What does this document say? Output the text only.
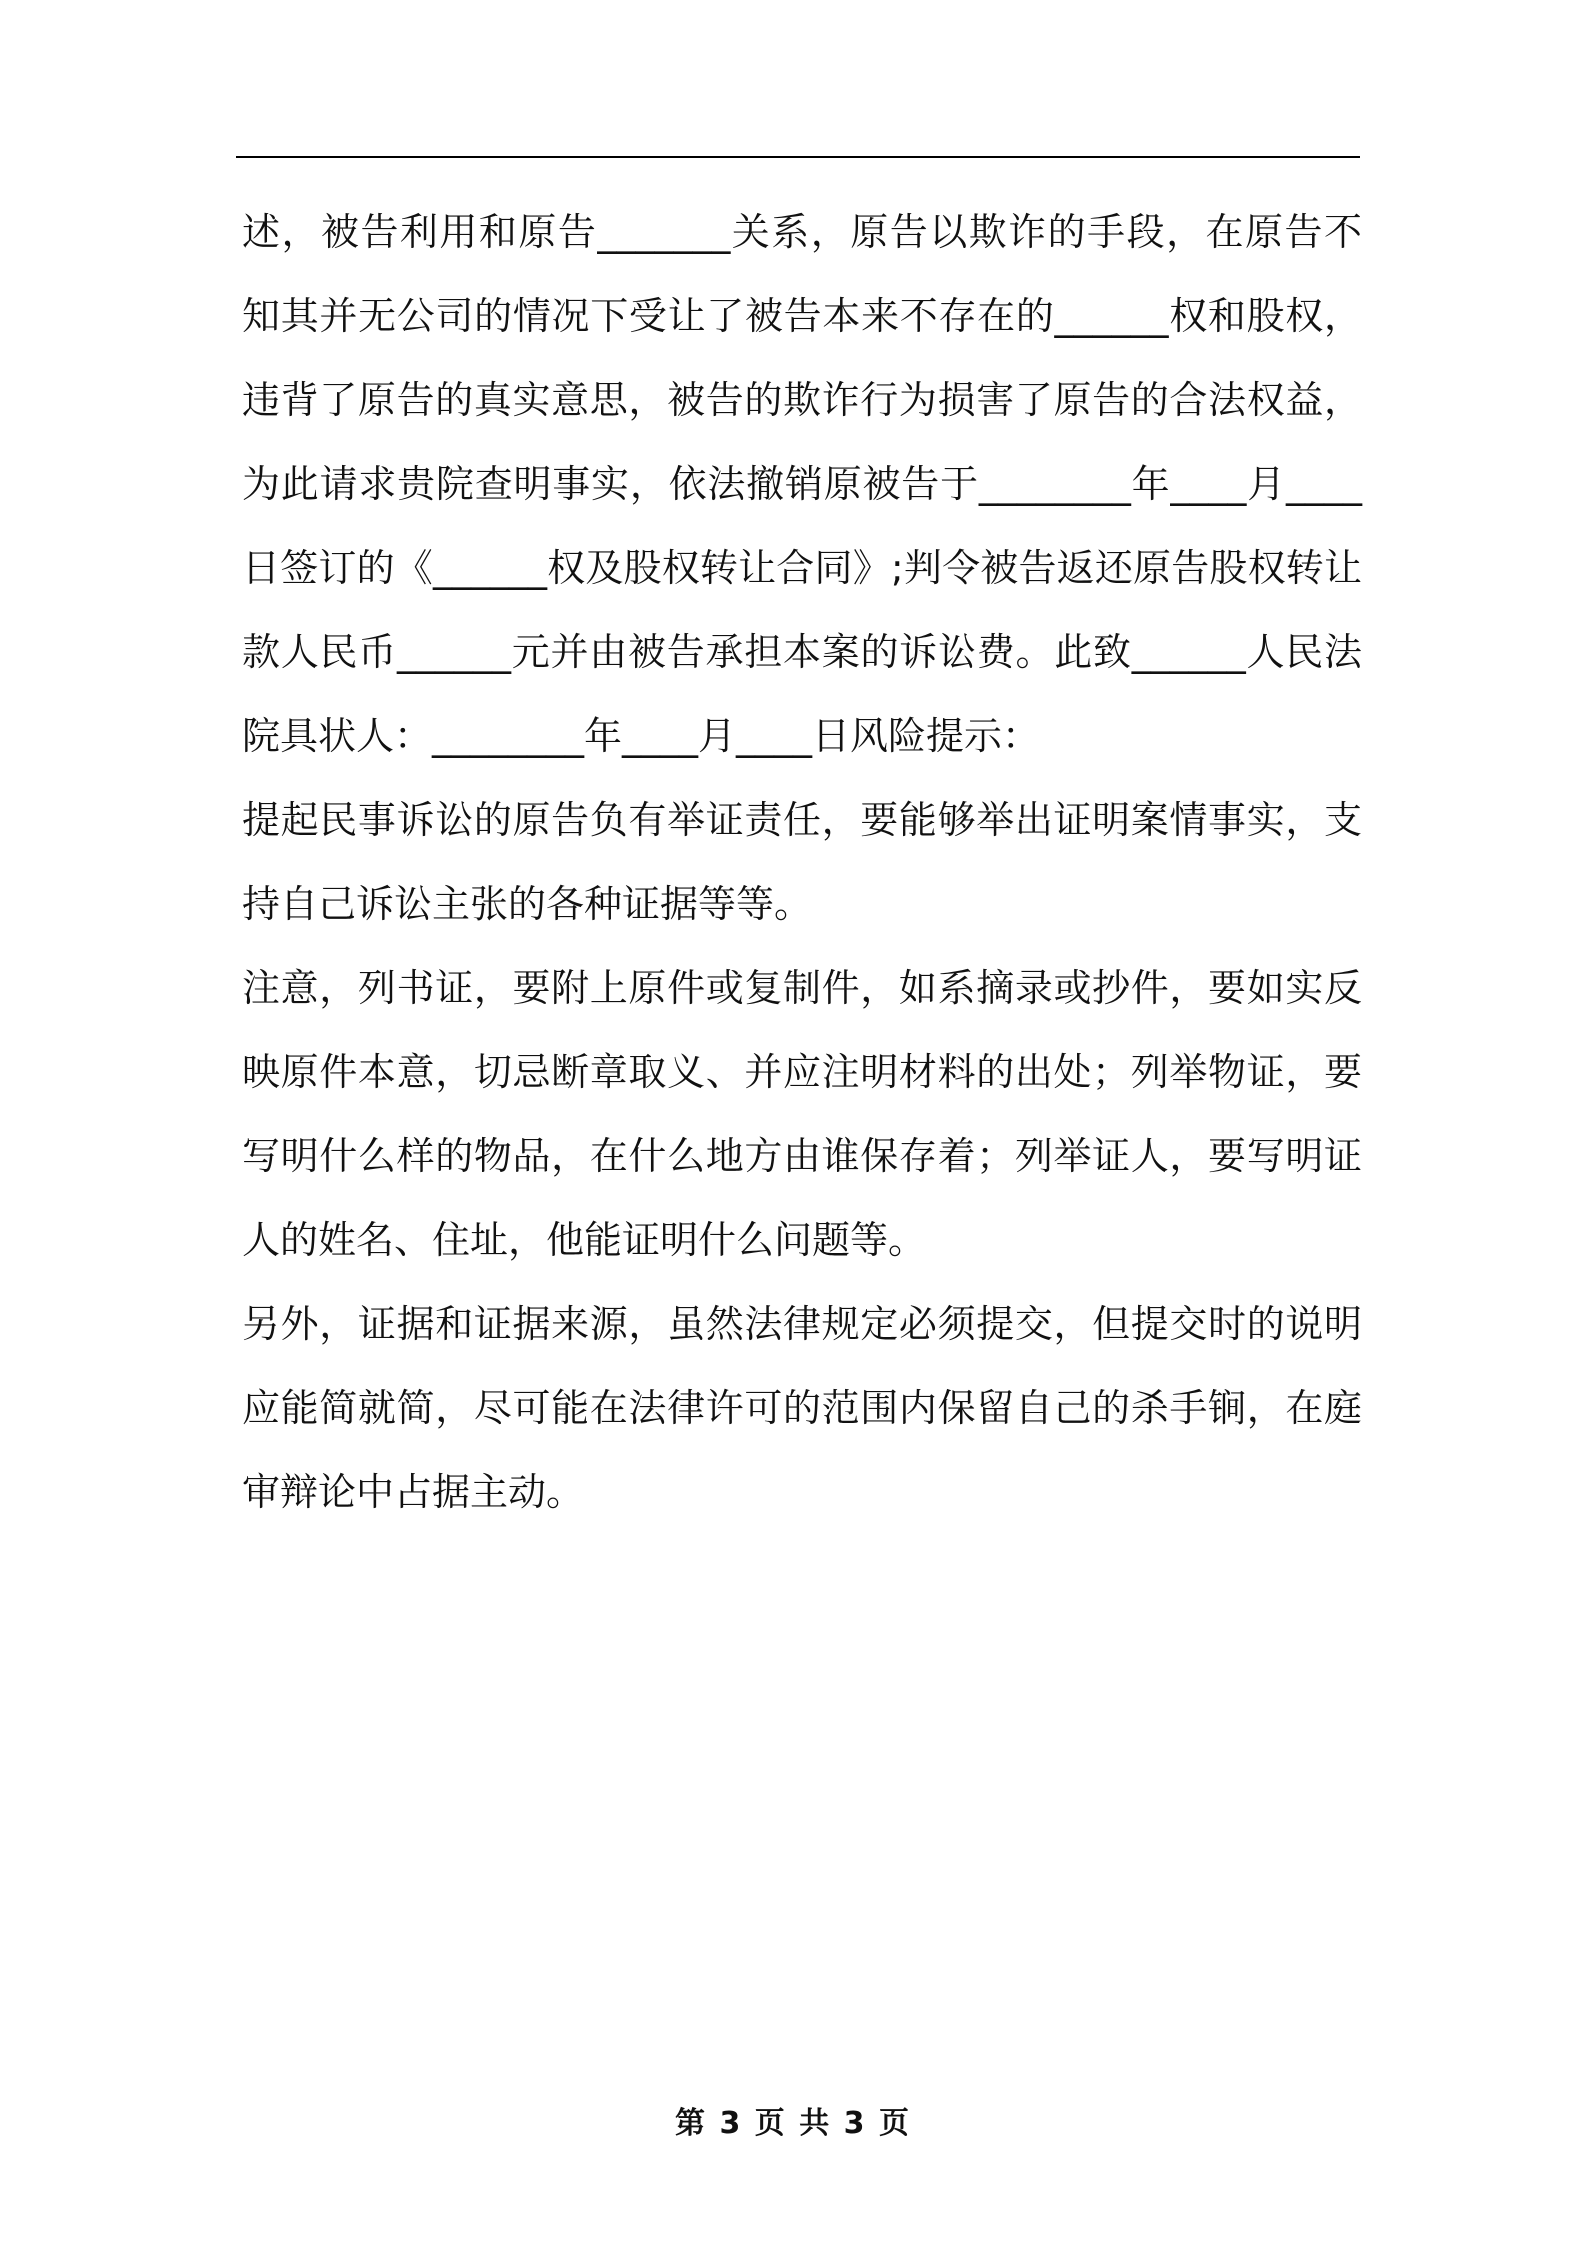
述，被告利用和原告_______关系，原告以欺诈的手段，在原告不知其并无公司的情况下受让了被告本来不存在的______权和股权，违背了原告的真实意思，被告的欺诈行为损害了原告的合法权益，为此请求贵院查明事实，依法撤销原被告于________年____月____日签订的《______权及股权转让合同》;判令被告返还原告股权转让款人民币______元并由被告承担本案的诉讼费。此致______人民法院具状人：________年____月____日风险提示：

提起民事诉讼的原告负有举证责任，要能够举出证明案情事实，支持自己诉讼主张的各种证据等等。

注意，列书证，要附上原件或复制件，如系摘录或抄件，要如实反映原件本意，切忌断章取义、并应注明材料的出处；列举物证，要写明什么样的物品，在什么地方由谁保存着；列举证人，要写明证人的姓名、住址，他能证明什么问题等。

另外，证据和证据来源，虽然法律规定必须提交，但提交时的说明应能简就简，尽可能在法律许可的范围内保留自己的杀手锏，在庭审辩论中占据主动。

第 3 页 共 3 页
